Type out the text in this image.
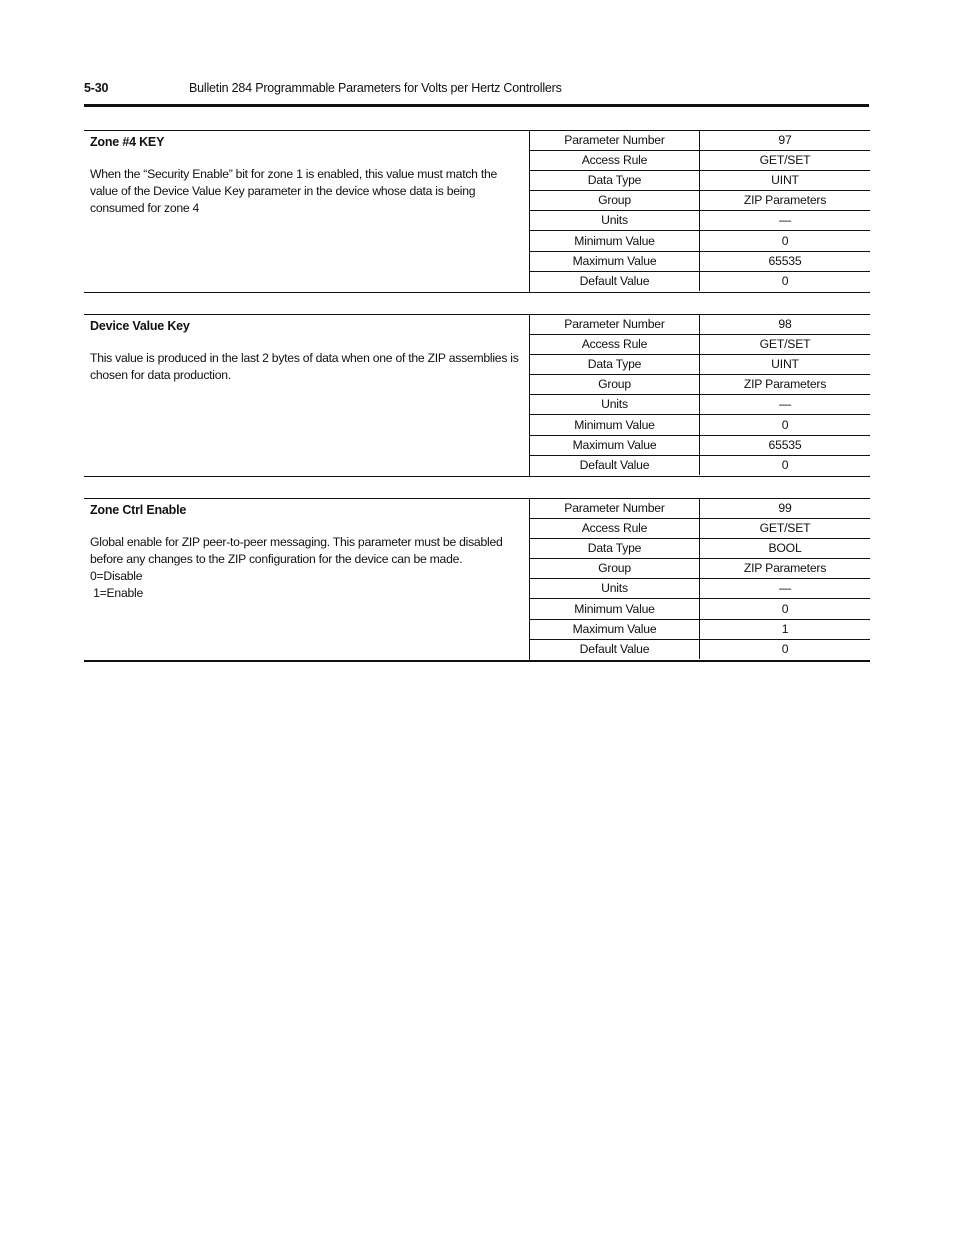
5-30	Bulletin 284 Programmable Parameters for Volts per Hertz Controllers
Zone #4 KEY

When the “Security Enable” bit for zone 1 is enabled, this value must match the value of the Device Value Key parameter in the device whose data is being consumed for zone 4

Parameter Number	97
Access Rule	GET/SET
Data Type	UINT
Group	ZIP Parameters
Units	—
Minimum Value	0
Maximum Value	65535
Default Value	0
Device Value Key

This value is produced in the last 2 bytes of data when one of the ZIP assemblies is chosen for data production.

Parameter Number	98
Access Rule	GET/SET
Data Type	UINT
Group	ZIP Parameters
Units	—
Minimum Value	0
Maximum Value	65535
Default Value	0
Zone Ctrl Enable

Global enable for ZIP peer-to-peer messaging. This parameter must be disabled before any changes to the ZIP configuration for the device can be made.

0=Disable

1=Enable

Parameter Number	99
Access Rule	GET/SET
Data Type	BOOL
Group	ZIP Parameters
Units	—
Minimum Value	0
Maximum Value	1
Default Value	0
